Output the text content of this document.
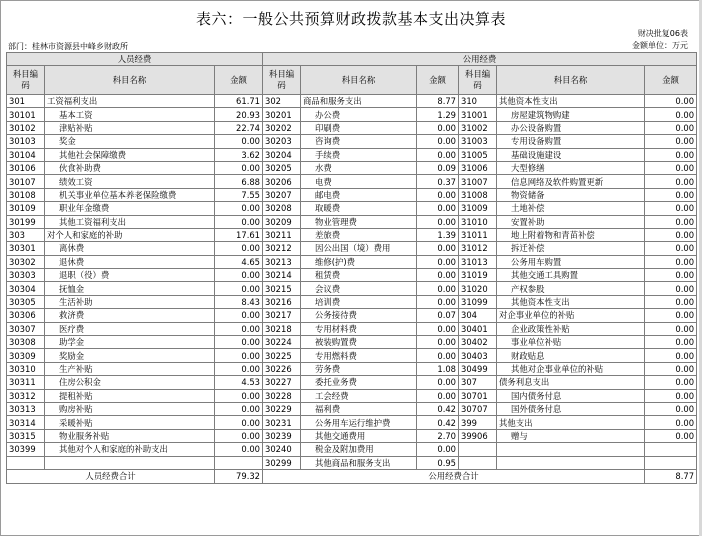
表六：一般公共预算财政拨款基本支出决算表
财决批复06表
金额单位：万元
部门：桂林市资源县中峰乡财政所
人员经费			公用经费					
科目编码	科目名称	金额	科目编码	科目名称	金额	科目编码	科目名称	金额
301	工资福利支出	61.71	302	商品和服务支出	8.77	310	其他资本性支出	0.00
30101	基本工资	20.93	30201	办公费	1.29	31001	房屋建筑物购建	0.00
30102	津贴补贴	22.74	30202	印刷费	0.00	31002	办公设备购置	0.00
30103	奖金	0.00	30203	咨询费	0.00	31003	专用设备购置	0.00
30104	其他社会保障缴费	3.62	30204	手续费	0.00	31005	基础设施建设	0.00
30106	伙食补助费	0.00	30205	水费	0.09	31006	大型修缮	0.00
30107	绩效工资	6.88	30206	电费	0.37	31007	信息网络及软件购置更新	0.00
30108	机关事业单位基本养老保险缴费	7.55	30207	邮电费	0.00	31008	物资储备	0.00
30109	职业年金缴费	0.00	30208	取暖费	0.00	31009	土地补偿	0.00
30199	其他工资福利支出	0.00	30209	物业管理费	0.00	31010	安置补助	0.00
303	对个人和家庭的补助	17.61	30211	差旅费	1.39	31011	地上附着物和青苗补偿	0.00
30301	离休费	0.00	30212	因公出国（境）费用	0.00	31012	拆迁补偿	0.00
30302	退休费	4.65	30213	维修(护)费	0.00	31013	公务用车购置	0.00
30303	退职（役）费	0.00	30214	租赁费	0.00	31019	其他交通工具购置	0.00
30304	抚恤金	0.00	30215	会议费	0.00	31020	产权参股	0.00
30305	生活补助	8.43	30216	培训费	0.00	31099	其他资本性支出	0.00
30306	救济费	0.00	30217	公务接待费	0.07	304	对企事业单位的补贴	0.00
30307	医疗费	0.00	30218	专用材料费	0.00	30401	企业政策性补贴	0.00
30308	助学金	0.00	30224	被装购置费	0.00	30402	事业单位补贴	0.00
30309	奖励金	0.00	30225	专用燃料费	0.00	30403	财政贴息	0.00
30310	生产补贴	0.00	30226	劳务费	1.08	30499	其他对企事业单位的补贴	0.00
30311	住房公积金	4.53	30227	委托业务费	0.00	307	债务利息支出	0.00
30312	提租补贴	0.00	30228	工会经费	0.00	30701	国内债务付息	0.00
30313	购房补贴	0.00	30229	福利费	0.42	30707	国外债务付息	0.00
30314	采暖补贴	0.00	30231	公务用车运行维护费	0.42	399	其他支出	0.00
30315	物业服务补贴	0.00	30239	其他交通费用	2.70	39906	赠与	0.00
30399	其他对个人和家庭的补助支出	0.00	30240	税金及附加费用	0.00			
			30299	其他商品和服务支出	0.95			
人员经费合计		79.32	公用经费合计					8.77
